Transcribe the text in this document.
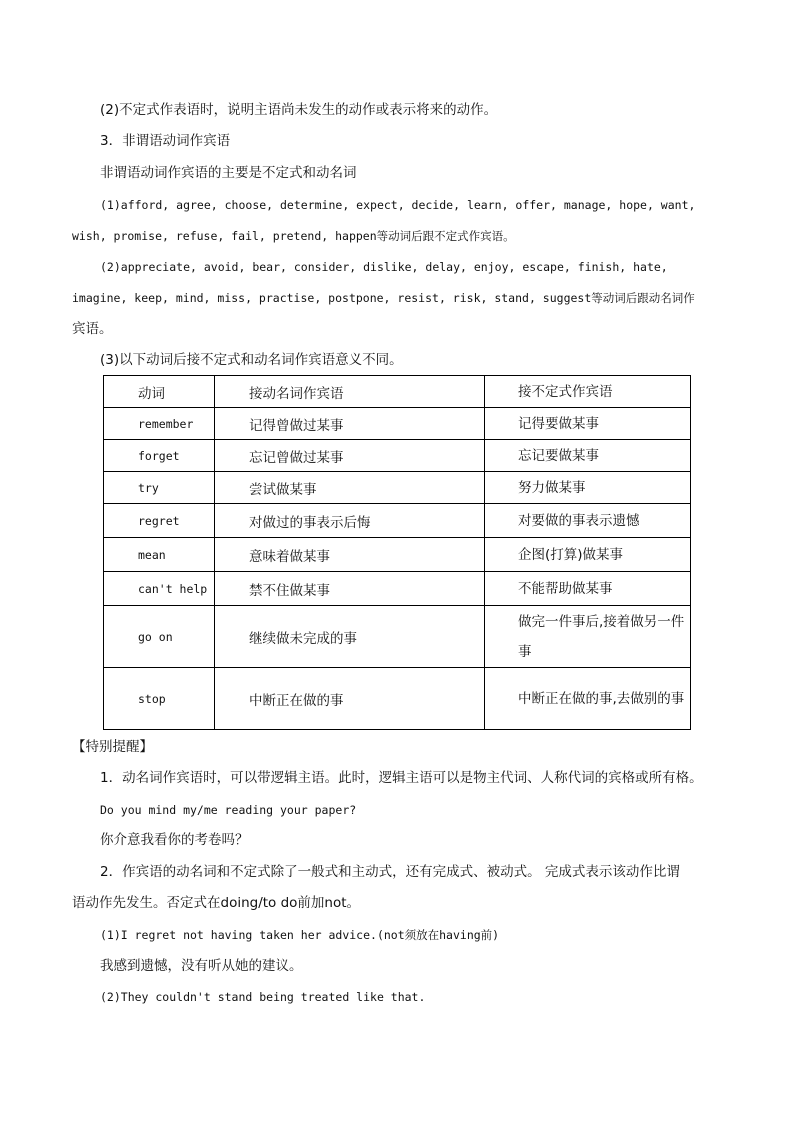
(2)不定式作表语时，说明主语尚未发生的动作或表示将来的动作。
3．非谓语动词作宾语
非谓语动词作宾语的主要是不定式和动名词
(1)afford, agree, choose, determine, expect, decide, learn, offer, manage, hope, want,
wish, promise, refuse, fail, pretend, happen等动词后跟不定式作宾语。
(2)appreciate, avoid, bear, consider, dislike, delay, enjoy, escape, finish, hate,
imagine, keep, mind, miss, practise, postpone, resist, risk, stand, suggest等动词后跟动名词作
宾语。
(3)以下动词后接不定式和动名词作宾语意义不同。
动词	接动名词作宾语	接不定式作宾语
remember	记得曾做过某事	记得要做某事
forget	忘记曾做过某事	忘记要做某事
try	尝试做某事	努力做某事
regret	对做过的事表示后悔	对要做的事表示遗憾
mean	意味着做某事	企图(打算)做某事
can't help	禁不住做某事	不能帮助做某事
go on	继续做未完成的事	做完一件事后,接着做另一件事
stop	中断正在做的事	中断正在做的事,去做别的事
【特别提醒】
1．动名词作宾语时，可以带逻辑主语。此时，逻辑主语可以是物主代词、人称代词的宾格或所有格。
Do you mind my/me reading your paper?
你介意我看你的考卷吗？
2．作宾语的动名词和不定式除了一般式和主动式，还有完成式、被动式。 完成式表示该动作比谓
语动作先发生。否定式在doing/to do前加not。
(1)I regret not having taken her advice.(not须放在having前)
我感到遗憾，没有听从她的建议。
(2)They couldn't stand being treated like that.
